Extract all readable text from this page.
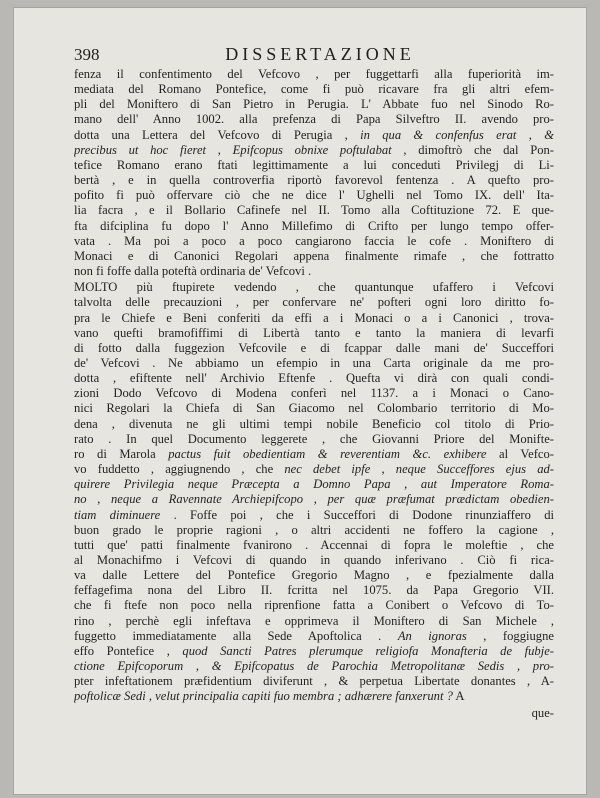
398	DISSERTAZIONE

fenza il confentimento del Vefcovo , per fuggettarfi alla fuperiorità im-
mediata del Romano Pontefice, come fi può ricavare fra gli altri efem-
pli del Moniftero di San Pietro in Perugia. L' Abbate fuo nel Sinodo Ro-
mano dell' Anno 1002. alla prefenza di Papa Silveftro II. avendo pro-
dotta una Lettera del Vefcovo di Perugia , in qua & confenfus erat , &
precibus ut hoc fieret , Epifcopus obnixe poftulabat , dimoftrò che dal Pon-
tefice Romano erano ftati legittimamente a lui conceduti Privilegj di Li-
bertà , e in quella controverfia riportò favorevol fentenza . A quefto pro-
pofito fi può offervare ciò che ne dice l' Ughelli nel Tomo IX. dell' Ita-
lia facra , e il Bollario Cafinefe nel II. Tomo alla Coftituzione 72. E que-
fta difciplina fu dopo l' Anno Millefimo di Crifto per lungo tempo offer-
vata . Ma poi a poco a poco cangiarono faccia le cofe . Moniftero di
Monaci e di Canonici Regolari appena finalmente rimafe , che fottratto
non fi foffe dalla poteftà ordinaria de' Vefcovi .

MOLTO più ftupirete vedendo , che quantunque ufaffero i Vefcovi
talvolta delle precauzioni , per confervare ne' pofteri ogni loro diritto fo-
pra le Chiefe e Beni conferiti da effi a i Monaci o a i Canonici , trova-
vano quefti bramofiffimi di Libertà tanto e tanto la maniera di levarfi
di fotto dalla fuggezion Vefcovile e di fcappar dalle mani de' Succeffori
de' Vefcovi . Ne abbiamo un efempio in una Carta originale da me pro-
dotta , efiftente nell' Archivio Eftenfe . Quefta vi dirà con quali condi-
zioni Dodo Vefcovo di Modena conferì nel 1137. a i Monaci o Cano-
nici Regolari la Chiefa di San Giacomo nel Colombario territorio di Mo-
dena , divenuta ne gli ultimi tempi nobile Beneficio col titolo di Prio-
rato . In quel Documento leggerete , che Giovanni Priore del Monifte-
ro di Marola pactus fuit obedientiam & reverentiam &c. exhibere al Vefco-
vo fuddetto , aggiugnendo , che nec debet ipfe , neque Succeffores ejus ad-
quirere Privilegia neque Præcepta a Domno Papa , aut Imperatore Roma-
no , neque a Ravennate Archiepifcopo , per quæ præfumat prædictam obedien-
tiam diminuere . Foffe poi , che i Succeffori di Dodone rinunziaffero di
buon grado le proprie ragioni , o altri accidenti ne foffero la cagione ,
tutti que' patti finalmente fvanirono . Accennai di fopra le moleftie , che
al Monachifmo i Vefcovi di quando in quando inferivano . Ciò fi rica-
va dalle Lettere del Pontefice Gregorio Magno , e fpezialmente dalla
feffagefima nona del Libro II. fcritta nel 1075. da Papa Gregorio VII.
che fi ftefe non poco nella riprenfione fatta a Conibert o Vefcovo di To-
rino , perchè egli infeftava e opprimeva il Moniftero di San Michele ,
fuggetto immediatamente alla Sede Apoftolica . An ignoras , foggiugne
effo Pontefice , quod Sancti Patres plerumque religiofa Monafteria de fubje-
ctione Epifcoporum , & Epifcopatus de Parochia Metropolitanæ Sedis , pro-
pter infeftationem præfidentium diviferunt , & perpetua Libertate donantes , A-
poftolicæ Sedi , velut principalia capiti fuo membra ; adhærere fanxerunt ? A

que-
